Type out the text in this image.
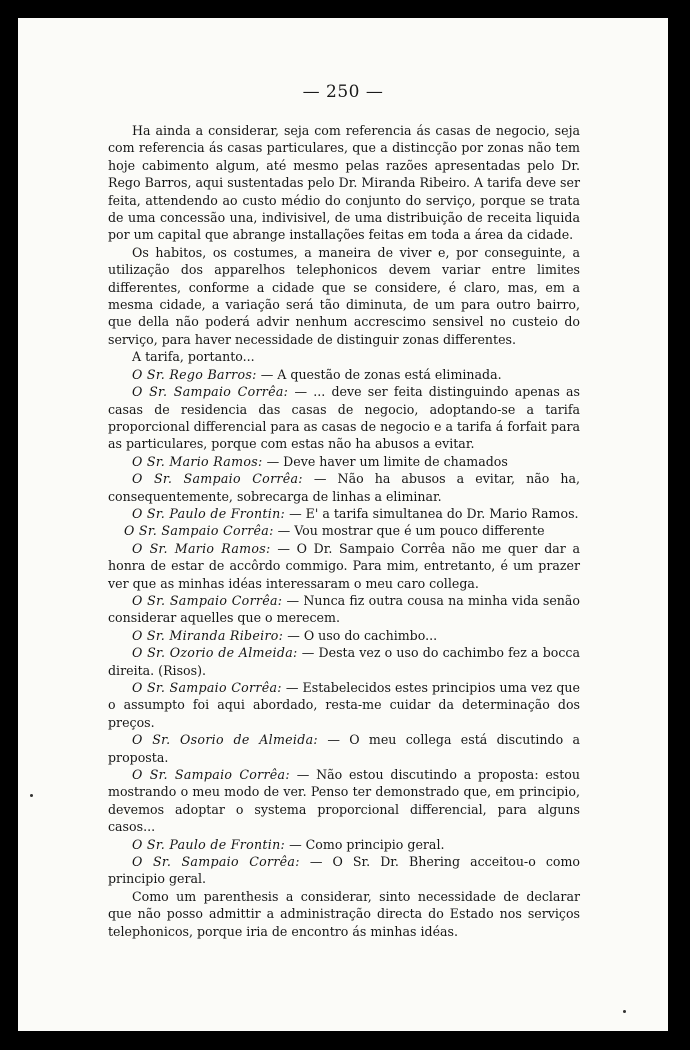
— 250 —

Ha ainda a considerar, seja com referencia ás casas de negocio, seja com referencia ás casas particulares, que a distincção por zonas não tem hoje cabimento algum, até mesmo pelas razões apresentadas pelo Dr. Rego Barros, aqui sustentadas pelo Dr. Miranda Ribeiro. A tarifa deve ser feita, attendendo ao custo médio do conjunto do serviço, porque se trata de uma concessão una, indivisivel, de uma distribuição de receita liquida por um capital que abrange installações feitas em toda a área da cidade.

Os habitos, os costumes, a maneira de viver e, por conseguinte, a utilização dos apparelhos telephonicos devem variar entre limites differentes, conforme a cidade que se considere, é claro, mas, em a mesma cidade, a variação será tão diminuta, de um para outro bairro, que della não poderá advir nenhum accrescimo sensivel no custeio do serviço, para haver necessidade de distinguir zonas differentes.

A tarifa, portanto...

O Sr. Rego Barros: — A questão de zonas está eliminada.

O Sr. Sampaio Corrêa: — ... deve ser feita distinguindo apenas as casas de residencia das casas de negocio, adoptando-se a tarifa proporcional differencial para as casas de negocio e a tarifa á forfait para as particulares, porque com estas não ha abusos a evitar.

O Sr. Mario Ramos: — Deve haver um limite de chamados

O Sr. Sampaio Corrêa: — Não ha abusos a evitar, não ha, consequentemente, sobrecarga de linhas a eliminar.

O Sr. Paulo de Frontin: — E' a tarifa simultanea do Dr. Mario Ramos.

O Sr. Sampaio Corrêa: — Vou mostrar que é um pouco differente

O Sr. Mario Ramos: — O Dr. Sampaio Corrêa não me quer dar a honra de estar de accôrdo commigo. Para mim, entretanto, é um prazer ver que as minhas idéas interessaram o meu caro collega.

O Sr. Sampaio Corrêa: — Nunca fiz outra cousa na minha vida senão considerar aquelles que o merecem.

O Sr. Miranda Ribeiro: — O uso do cachimbo...

O Sr. Ozorio de Almeida: — Desta vez o uso do cachimbo fez a bocca direita. (Risos).

O Sr. Sampaio Corrêa: — Estabelecidos estes principios uma vez que o assumpto foi aqui abordado, resta-me cuidar da determinação dos preços.

O Sr. Osorio de Almeida: — O meu collega está discutindo a proposta.

O Sr. Sampaio Corrêa: — Não estou discutindo a proposta: estou mostrando o meu modo de ver. Penso ter demonstrado que, em principio, devemos adoptar o systema proporcional differencial, para alguns casos...

O Sr. Paulo de Frontin: — Como principio geral.

O Sr. Sampaio Corrêa: — O Sr. Dr. Bhering acceitou-o como principio geral.

Como um parenthesis a considerar, sinto necessidade de declarar que não posso admittir a administração directa do Estado nos serviços telephonicos, porque iria de encontro ás minhas idéas.
